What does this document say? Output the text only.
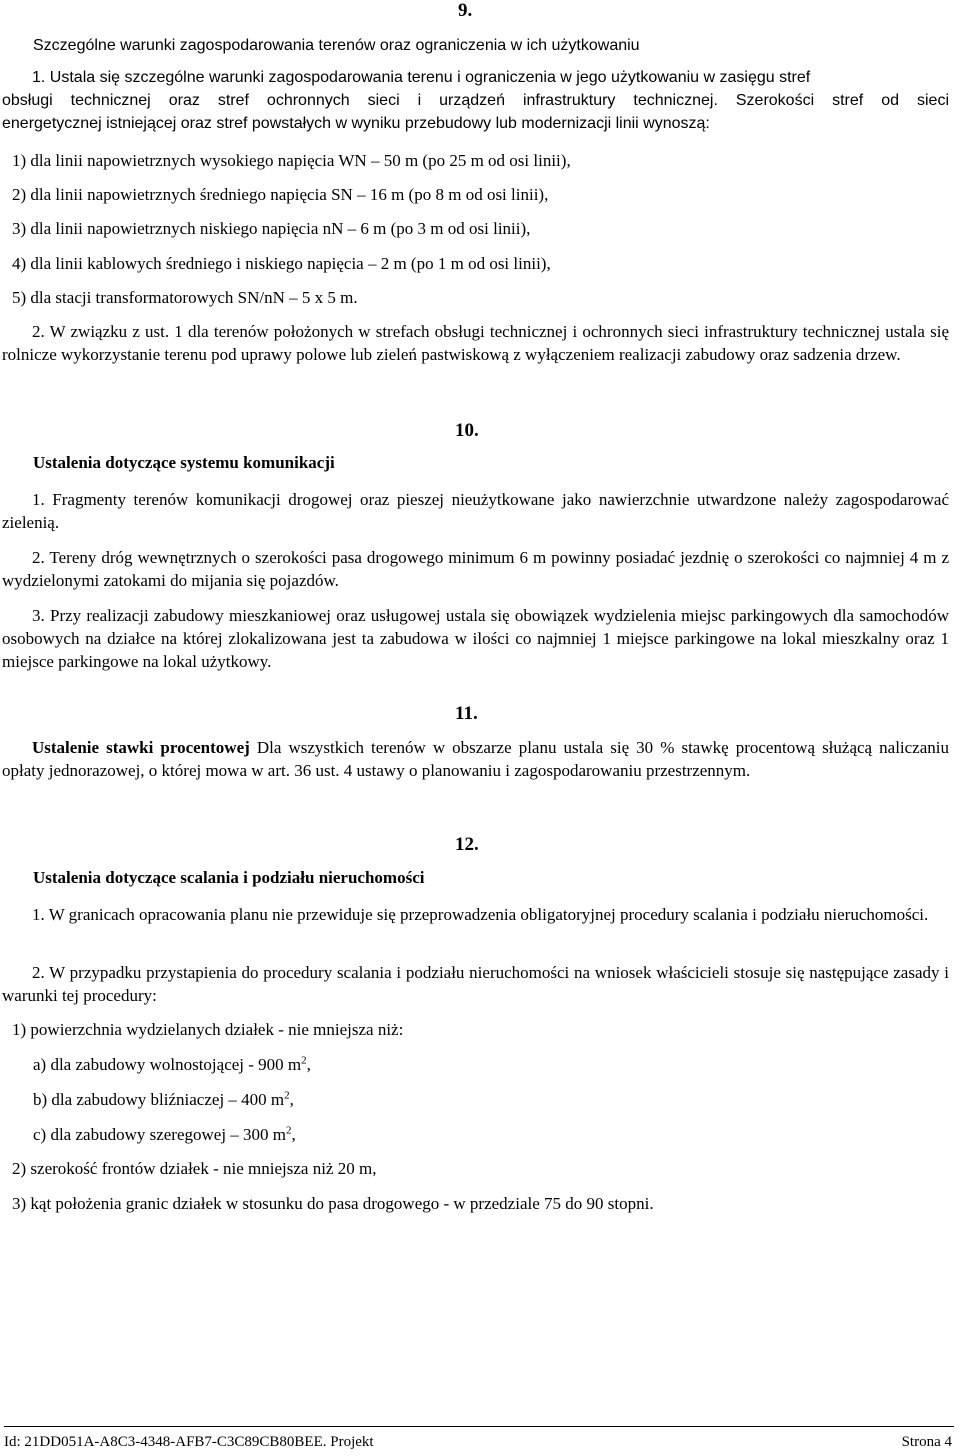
9.
Szczególne warunki zagospodarowania terenów oraz ograniczenia w ich użytkowaniu
1. Ustala się szczególne warunki zagospodarowania terenu i ograniczenia w jego użytkowaniu w zasięgu stref
obsługi technicznej oraz stref ochronnych sieci i urządzeń infrastruktury technicznej. Szerokości stref od sieci
energetycznej istniejącej oraz stref powstałych w wyniku przebudowy lub modernizacji linii wynoszą:
1) dla linii napowietrznych wysokiego napięcia WN – 50 m (po 25 m od osi linii),
2) dla linii napowietrznych średniego napięcia SN – 16 m (po 8 m od osi linii),
3) dla linii napowietrznych niskiego napięcia nN – 6 m (po 3 m od osi linii),
4) dla linii kablowych średniego i niskiego napięcia – 2 m (po 1 m od osi linii),
5) dla stacji transformatorowych SN/nN – 5 x 5 m.
2. W związku z ust. 1 dla terenów położonych w strefach obsługi technicznej i ochronnych sieci infrastruktury technicznej ustala się rolnicze wykorzystanie terenu pod uprawy polowe lub zieleń pastwiskową z wyłączeniem realizacji zabudowy oraz sadzenia drzew.
10.
Ustalenia dotyczące systemu komunikacji
1. Fragmenty terenów komunikacji drogowej oraz pieszej nieużytkowane jako nawierzchnie utwardzone należy zagospodarować zielenią.
2. Tereny dróg wewnętrznych o szerokości pasa drogowego minimum 6 m powinny posiadać jezdnię o szerokości co najmniej 4 m z wydzielonymi zatokami do mijania się pojazdów.
3. Przy realizacji zabudowy mieszkaniowej oraz usługowej ustala się obowiązek wydzielenia miejsc parkingowych dla samochodów osobowych na działce na której zlokalizowana jest ta zabudowa w ilości co najmniej 1 miejsce parkingowe na lokal mieszkalny oraz 1 miejsce parkingowe na lokal użytkowy.
11.
Ustalenie stawki procentowej Dla wszystkich terenów w obszarze planu ustala się 30 % stawkę procentową służącą naliczaniu opłaty jednorazowej, o której mowa w art. 36 ust. 4 ustawy o planowaniu i zagospodarowaniu przestrzennym.
12.
Ustalenia dotyczące scalania i podziału nieruchomości
1. W granicach opracowania planu nie przewiduje się przeprowadzenia obligatoryjnej procedury scalania i podziału nieruchomości.
2. W przypadku przystapienia do procedury scalania i podziału nieruchomości na wniosek właścicieli stosuje się następujące zasady i warunki tej procedury:
1) powierzchnia wydzielanych działek - nie mniejsza niż:
a) dla zabudowy wolnostojącej - 900 $m^2$,
b) dla zabudowy bliźniaczej – 400 $m^2$,
c) dla zabudowy szeregowej – 300 $m^2$,
2) szerokość frontów działek - nie mniejsza niż 20 m,
3) kąt położenia granic działek w stosunku do pasa drogowego - w przedziale 75 do 90 stopni.
Id: 21DD051A-A8C3-4348-AFB7-C3C89CB80BEE. Projekt	Strona 4
